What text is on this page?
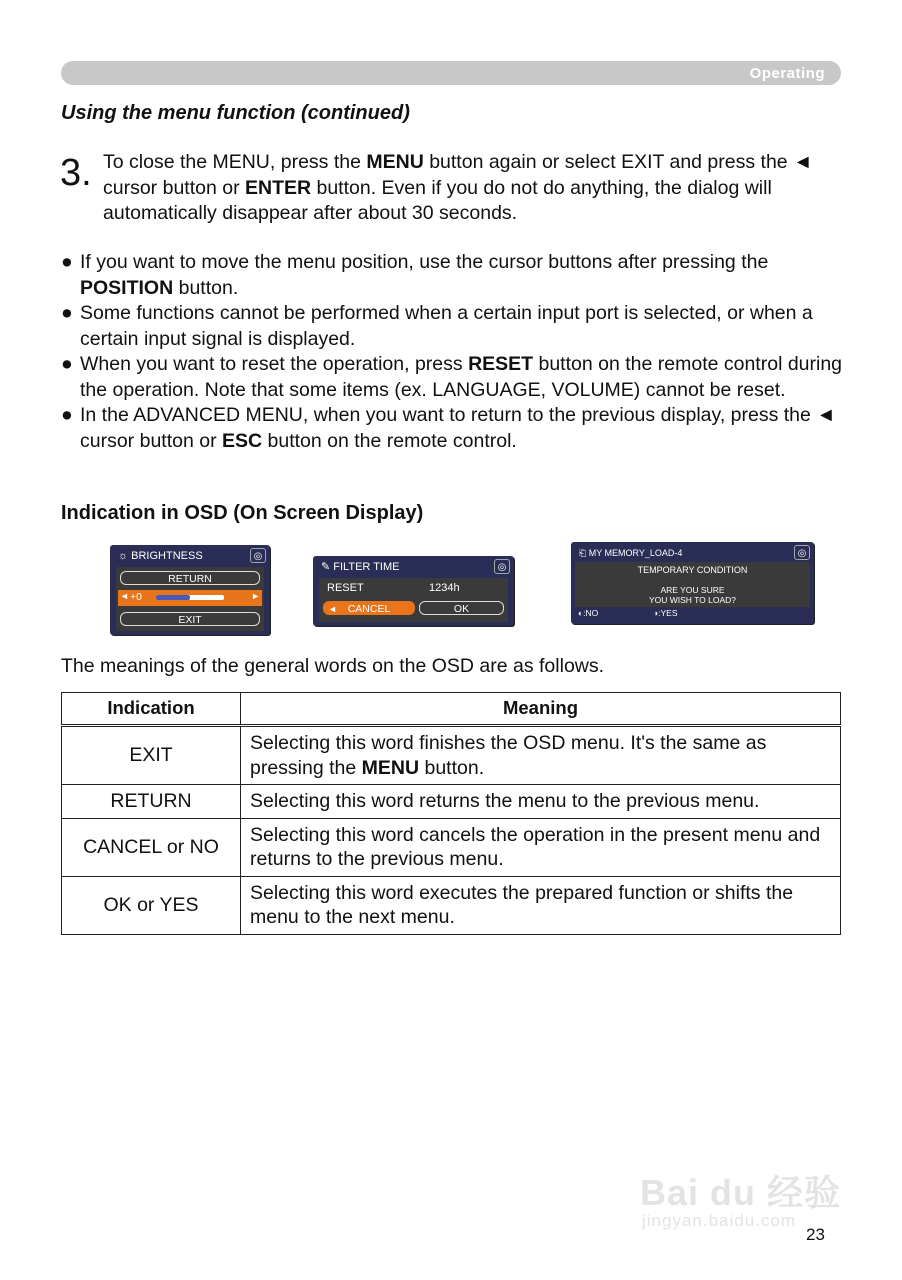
Operating
Using the menu function (continued)
3. To close the MENU, press the MENU button again or select EXIT and press the ◄ cursor button or ENTER button. Even if you do not do anything, the dialog will automatically disappear after about 30 seconds.
● If you want to move the menu position, use the cursor buttons after pressing the POSITION button.
● Some functions cannot be performed when a certain input port is selected, or when a certain input signal is displayed.
● When you want to reset the operation, press RESET button on the remote control during the operation. Note that some items (ex. LANGUAGE, VOLUME) cannot be reset.
● In the ADVANCED MENU, when you want to return to the previous display, press the ◄ cursor button or ESC button on the remote control.
Indication in OSD (On Screen Display)
☼ BRIGHTNESS	◎
RETURN
◄ +0	►
EXIT
✎ FILTER TIME	◎
RESET	1234h
◄ CANCEL	OK
⎗ MY MEMORY_LOAD-4	◎
TEMPORARY CONDITION
ARE YOU SURE
YOU WISH TO LOAD?
◐:NO	◑:YES
The meanings of the general words on the OSD are as follows.
Indication	Meaning
EXIT	Selecting this word finishes the OSD menu. It's the same as pressing the MENU button.
RETURN	Selecting this word returns the menu to the previous menu.
CANCEL or NO	Selecting this word cancels the operation in the present menu and returns to the previous menu.
OK or YES	Selecting this word executes the prepared function or shifts the menu to the next menu.
Bai du 经验
jingyan.baidu.com
23
